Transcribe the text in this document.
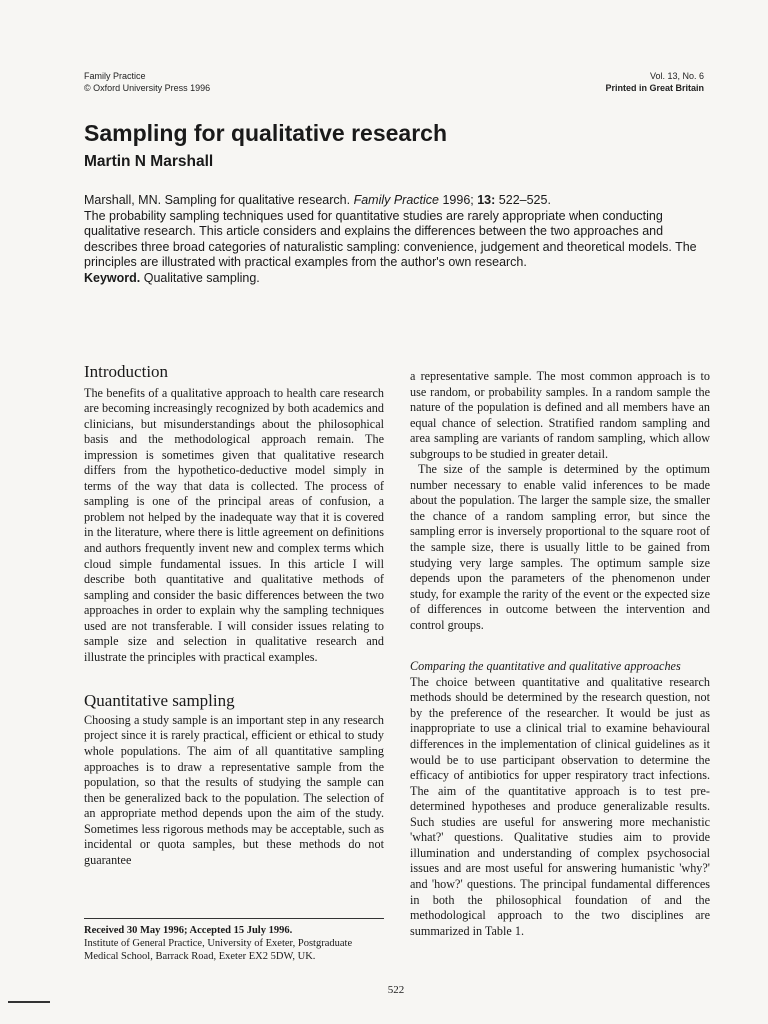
Family Practice
© Oxford University Press 1996
Vol. 13, No. 6
Printed in Great Britain
Sampling for qualitative research
Martin N Marshall

Marshall, MN. Sampling for qualitative research. Family Practice 1996; 13: 522–525.

The probability sampling techniques used for quantitative studies are rarely appropriate when conducting qualitative research. This article considers and explains the differences between the two approaches and describes three broad categories of naturalistic sampling: convenience, judgement and theoretical models. The principles are illustrated with practical examples from the author's own research.

Keyword. Qualitative sampling.

Introduction

The benefits of a qualitative approach to health care research are becoming increasingly recognized by both academics and clinicians, but misunderstandings about the philosophical basis and the methodological approach remain. The impression is sometimes given that qualitative research differs from the hypothetico-deductive model simply in terms of the way that data is collected. The process of sampling is one of the principal areas of confusion, a problem not helped by the inadequate way that it is covered in the literature, where there is little agreement on definitions and authors frequently invent new and complex terms which cloud simple fundamental issues. In this article I will describe both quantitative and qualitative methods of sampling and consider the basic differences between the two approaches in order to explain why the sampling techniques used are not transferable. I will consider issues relating to sample size and selection in qualitative research and illustrate the principles with practical examples.

Quantitative sampling

Choosing a study sample is an important step in any research project since it is rarely practical, efficient or ethical to study whole populations. The aim of all quantitative sampling approaches is to draw a representative sample from the population, so that the results of studying the sample can then be generalized back to the population. The selection of an appropriate method depends upon the aim of the study. Sometimes less rigorous methods may be acceptable, such as incidental or quota samples, but these methods do not guarantee

a representative sample. The most common approach is to use random, or probability samples. In a random sample the nature of the population is defined and all members have an equal chance of selection. Stratified random sampling and area sampling are variants of random sampling, which allow subgroups to be studied in greater detail.

The size of the sample is determined by the optimum number necessary to enable valid inferences to be made about the population. The larger the sample size, the smaller the chance of a random sampling error, but since the sampling error is inversely proportional to the square root of the sample size, there is usually little to be gained from studying very large samples. The optimum sample size depends upon the parameters of the phenomenon under study, for example the rarity of the event or the expected size of differences in outcome between the intervention and control groups.

Comparing the quantitative and qualitative approaches

The choice between quantitative and qualitative research methods should be determined by the research question, not by the preference of the researcher. It would be just as inappropriate to use a clinical trial to examine behavioural differences in the implementation of clinical guidelines as it would be to use participant observation to determine the efficacy of antibiotics for upper respiratory tract infections. The aim of the quantitative approach is to test pre-determined hypotheses and produce generalizable results. Such studies are useful for answering more mechanistic 'what?' questions. Qualitative studies aim to provide illumination and understanding of complex psychosocial issues and are most useful for answering humanistic 'why?' and 'how?' questions. The principal fundamental differences in both the philosophical foundation of and the methodological approach to the two disciplines are summarized in Table 1.

Received 30 May 1996; Accepted 15 July 1996.
Institute of General Practice, University of Exeter, Postgraduate Medical School, Barrack Road, Exeter EX2 5DW, UK.
522
